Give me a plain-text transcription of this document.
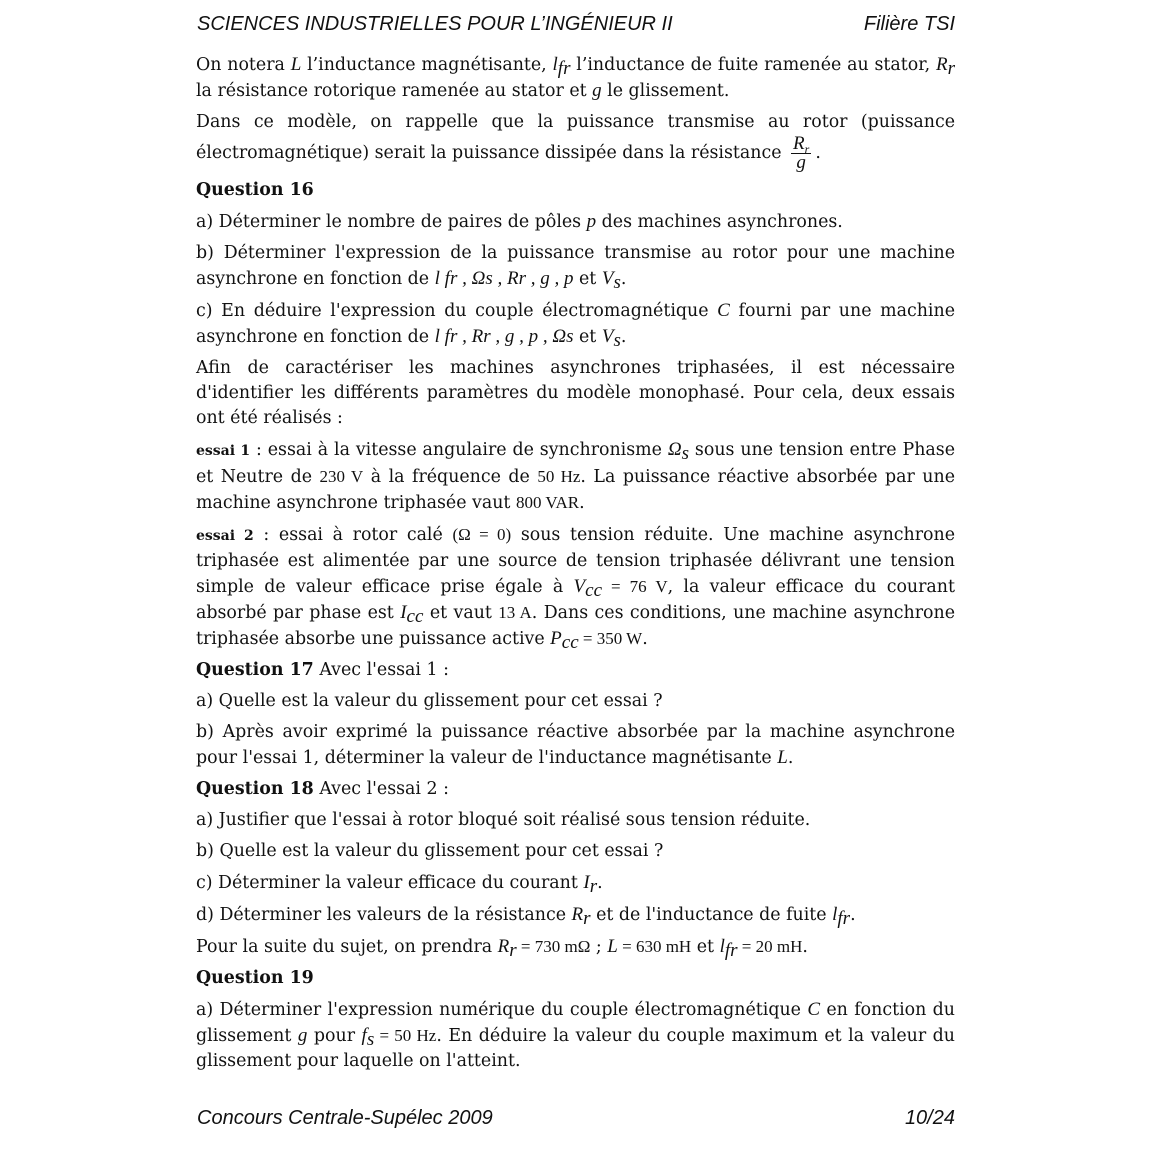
SCIENCES INDUSTRIELLES POUR L’INGÉNIEUR II	Filière TSI

On notera L l’inductance magnétisante, $l_{fr}$ l’inductance de fuite ramenée au stator, $R_r$ la résistance rotorique ramenée au stator et g le glissement.

Dans ce modèle, on rappelle que la puissance transmise au rotor (puissance électromagnétique) serait la puissance dissipée dans la résistance $\frac{R_r}{g}$ .

Question 16

a) Déterminer le nombre de paires de pôles p des machines asynchrones.

b) Déterminer l'expression de la puissance transmise au rotor pour une machine asynchrone en fonction de l fr , Ωs , Rr , g , p et $V_s$.

c) En déduire l'expression du couple électromagnétique C fourni par une machine asynchrone en fonction de l fr , Rr , g , p , Ωs et $V_s$.

Afin de caractériser les machines asynchrones triphasées, il est nécessaire d'identifier les différents paramètres du modèle monophasé. Pour cela, deux essais ont été réalisés :

essai 1 : essai à la vitesse angulaire de synchronisme $\Omega_s$ sous une tension entre Phase et Neutre de 230 V à la fréquence de 50 Hz. La puissance réactive absorbée par une machine asynchrone triphasée vaut 800 VAR.

essai 2 : essai à rotor calé (Ω = 0) sous tension réduite. Une machine asynchrone triphasée est alimentée par une source de tension triphasée délivrant une tension simple de valeur efficace prise égale à $V_{cc} = 76$ V, la valeur efficace du courant absorbé par phase est $I_{cc}$ et vaut 13 A. Dans ces conditions, une machine asynchrone triphasée absorbe une puissance active $P_{cc} = 350$ W.

Question 17 Avec l'essai 1 :

a) Quelle est la valeur du glissement pour cet essai ?

b) Après avoir exprimé la puissance réactive absorbée par la machine asynchrone pour l'essai 1, déterminer la valeur de l'inductance magnétisante L.

Question 18 Avec l'essai 2 :

a) Justifier que l'essai à rotor bloqué soit réalisé sous tension réduite.

b) Quelle est la valeur du glissement pour cet essai ?

c) Déterminer la valeur efficace du courant $I_r$.

d) Déterminer les valeurs de la résistance $R_r$ et de l'inductance de fuite $l_{fr}$.

Pour la suite du sujet, on prendra $R_r = 730$ mΩ ; L = 630 mH et $l_{fr} = 20$ mH.

Question 19

a) Déterminer l'expression numérique du couple électromagnétique C en fonction du glissement g pour $f_s = 50$ Hz. En déduire la valeur du couple maximum et la valeur du glissement pour laquelle on l'atteint.

Concours Centrale-Supélec 2009	10/24
